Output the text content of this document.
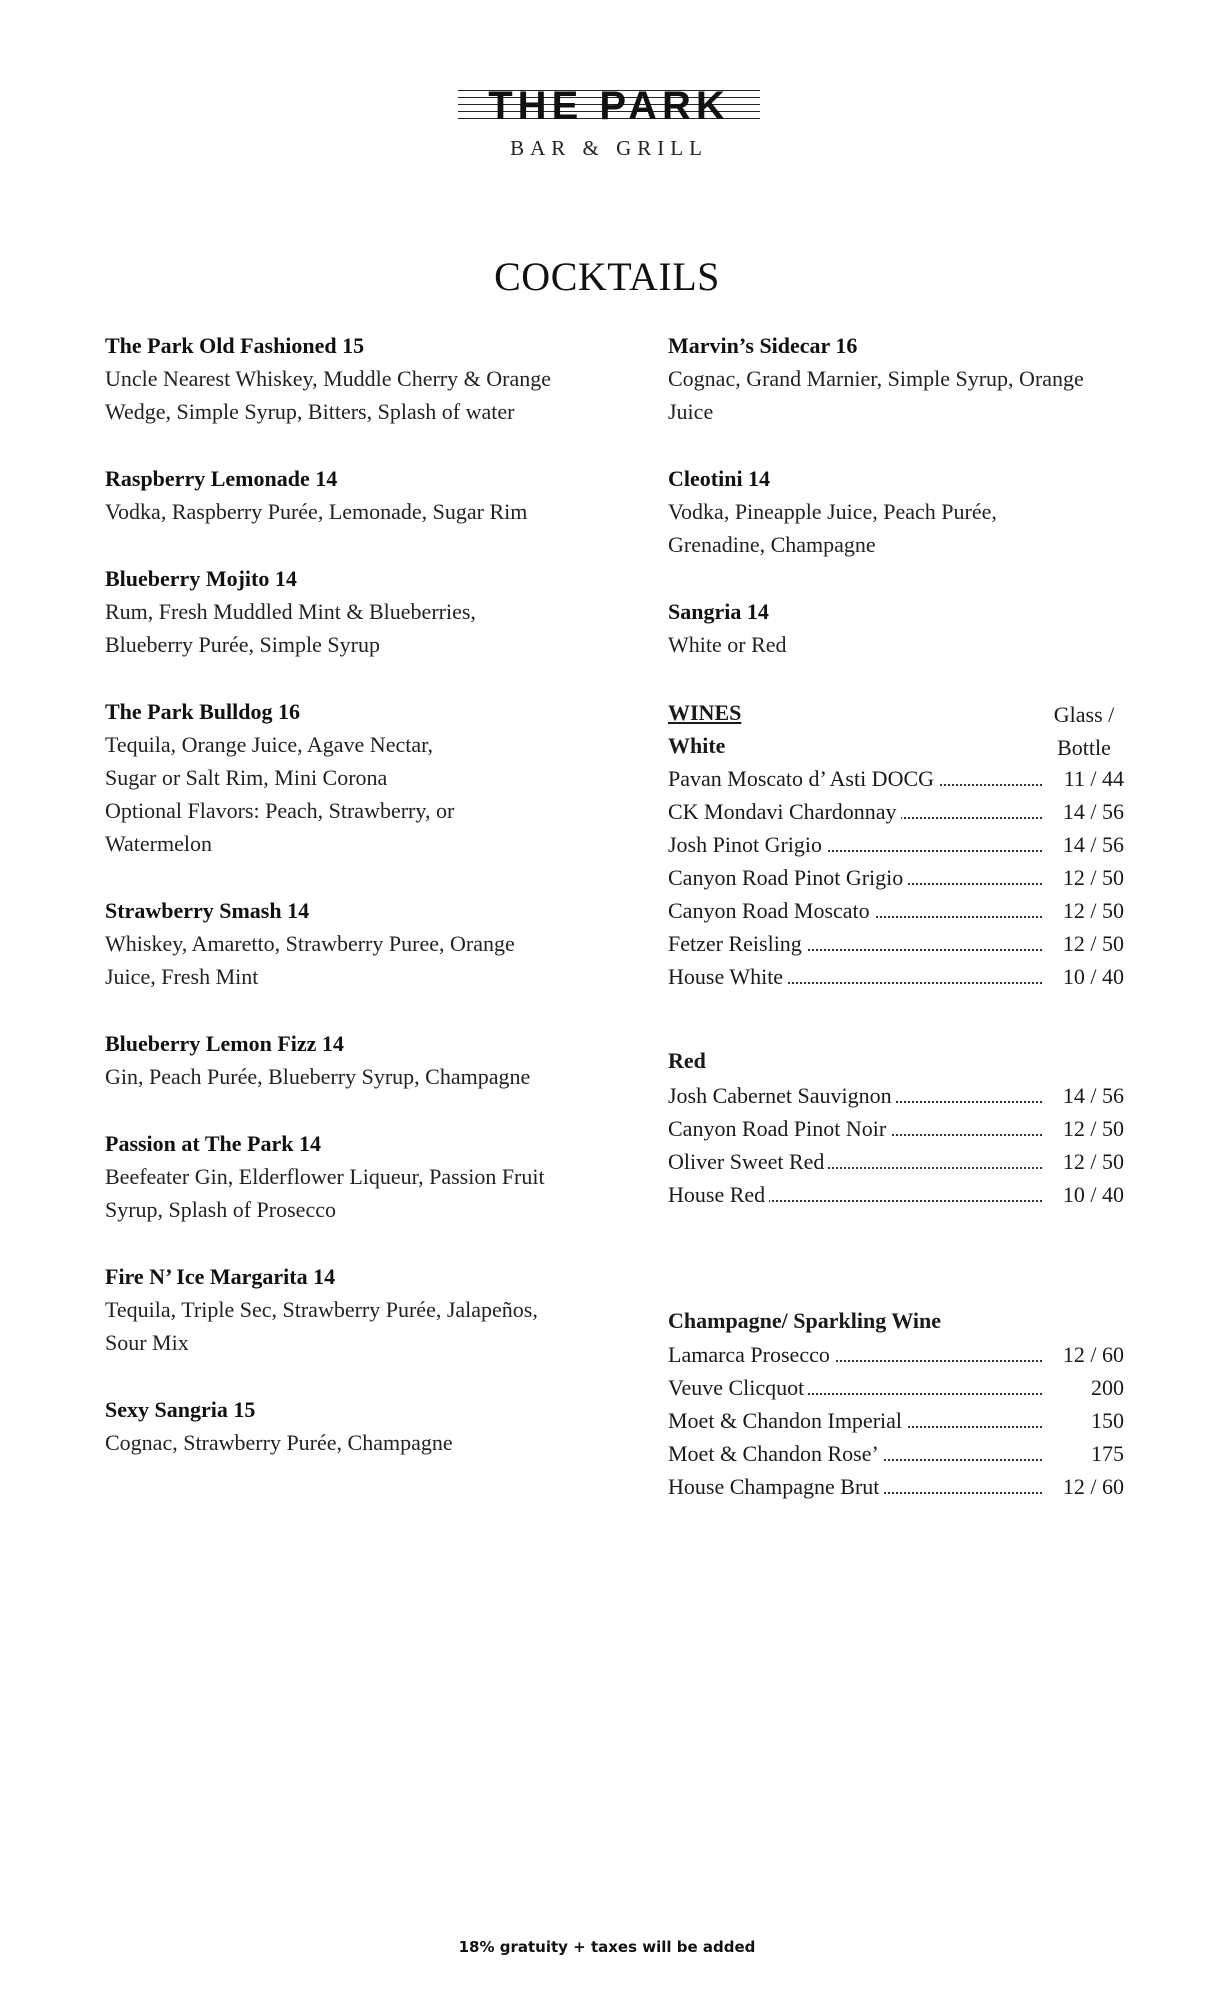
THE PARK
BAR & GRILL
COCKTAILS
The Park Old Fashioned 15
Uncle Nearest Whiskey, Muddle Cherry & Orange
Wedge, Simple Syrup, Bitters, Splash of water
Raspberry Lemonade 14
Vodka, Raspberry Purée, Lemonade, Sugar Rim
Blueberry Mojito 14
Rum, Fresh Muddled Mint & Blueberries,
Blueberry Purée, Simple Syrup
The Park Bulldog 16
Tequila, Orange Juice, Agave Nectar,
Sugar or Salt Rim, Mini Corona
Optional Flavors: Peach, Strawberry, or
Watermelon
Strawberry Smash 14
Whiskey, Amaretto, Strawberry Puree, Orange
Juice, Fresh Mint
Blueberry Lemon Fizz 14
Gin, Peach Purée, Blueberry Syrup, Champagne
Passion at The Park 14
Beefeater Gin, Elderflower Liqueur, Passion Fruit
Syrup, Splash of Prosecco
Fire N’ Ice Margarita 14
Tequila, Triple Sec, Strawberry Purée, Jalapeños,
Sour Mix
Sexy Sangria 15
Cognac, Strawberry Purée, Champagne
Marvin’s Sidecar 16
Cognac, Grand Marnier, Simple Syrup, Orange
Juice
Cleotini 14
Vodka, Pineapple Juice, Peach Purée,
Grenadine, Champagne
Sangria 14
White or Red
WINES
White
Glass /
Bottle
Pavan Moscato d’ Asti DOCG	11 / 44
CK Mondavi Chardonnay	14 / 56
Josh Pinot Grigio	14 / 56
Canyon Road Pinot Grigio	12 / 50
Canyon Road Moscato	12 / 50
Fetzer Reisling	12 / 50
House White	10 / 40
Red
Josh Cabernet Sauvignon	14 / 56
Canyon Road Pinot Noir	12 / 50
Oliver Sweet Red	12 / 50
House Red	10 / 40
Champagne/ Sparkling Wine
Lamarca Prosecco	12 / 60
Veuve Clicquot	200
Moet & Chandon Imperial	150
Moet & Chandon Rose’	175
House Champagne Brut	12 / 60
18% gratuity + taxes will be added
